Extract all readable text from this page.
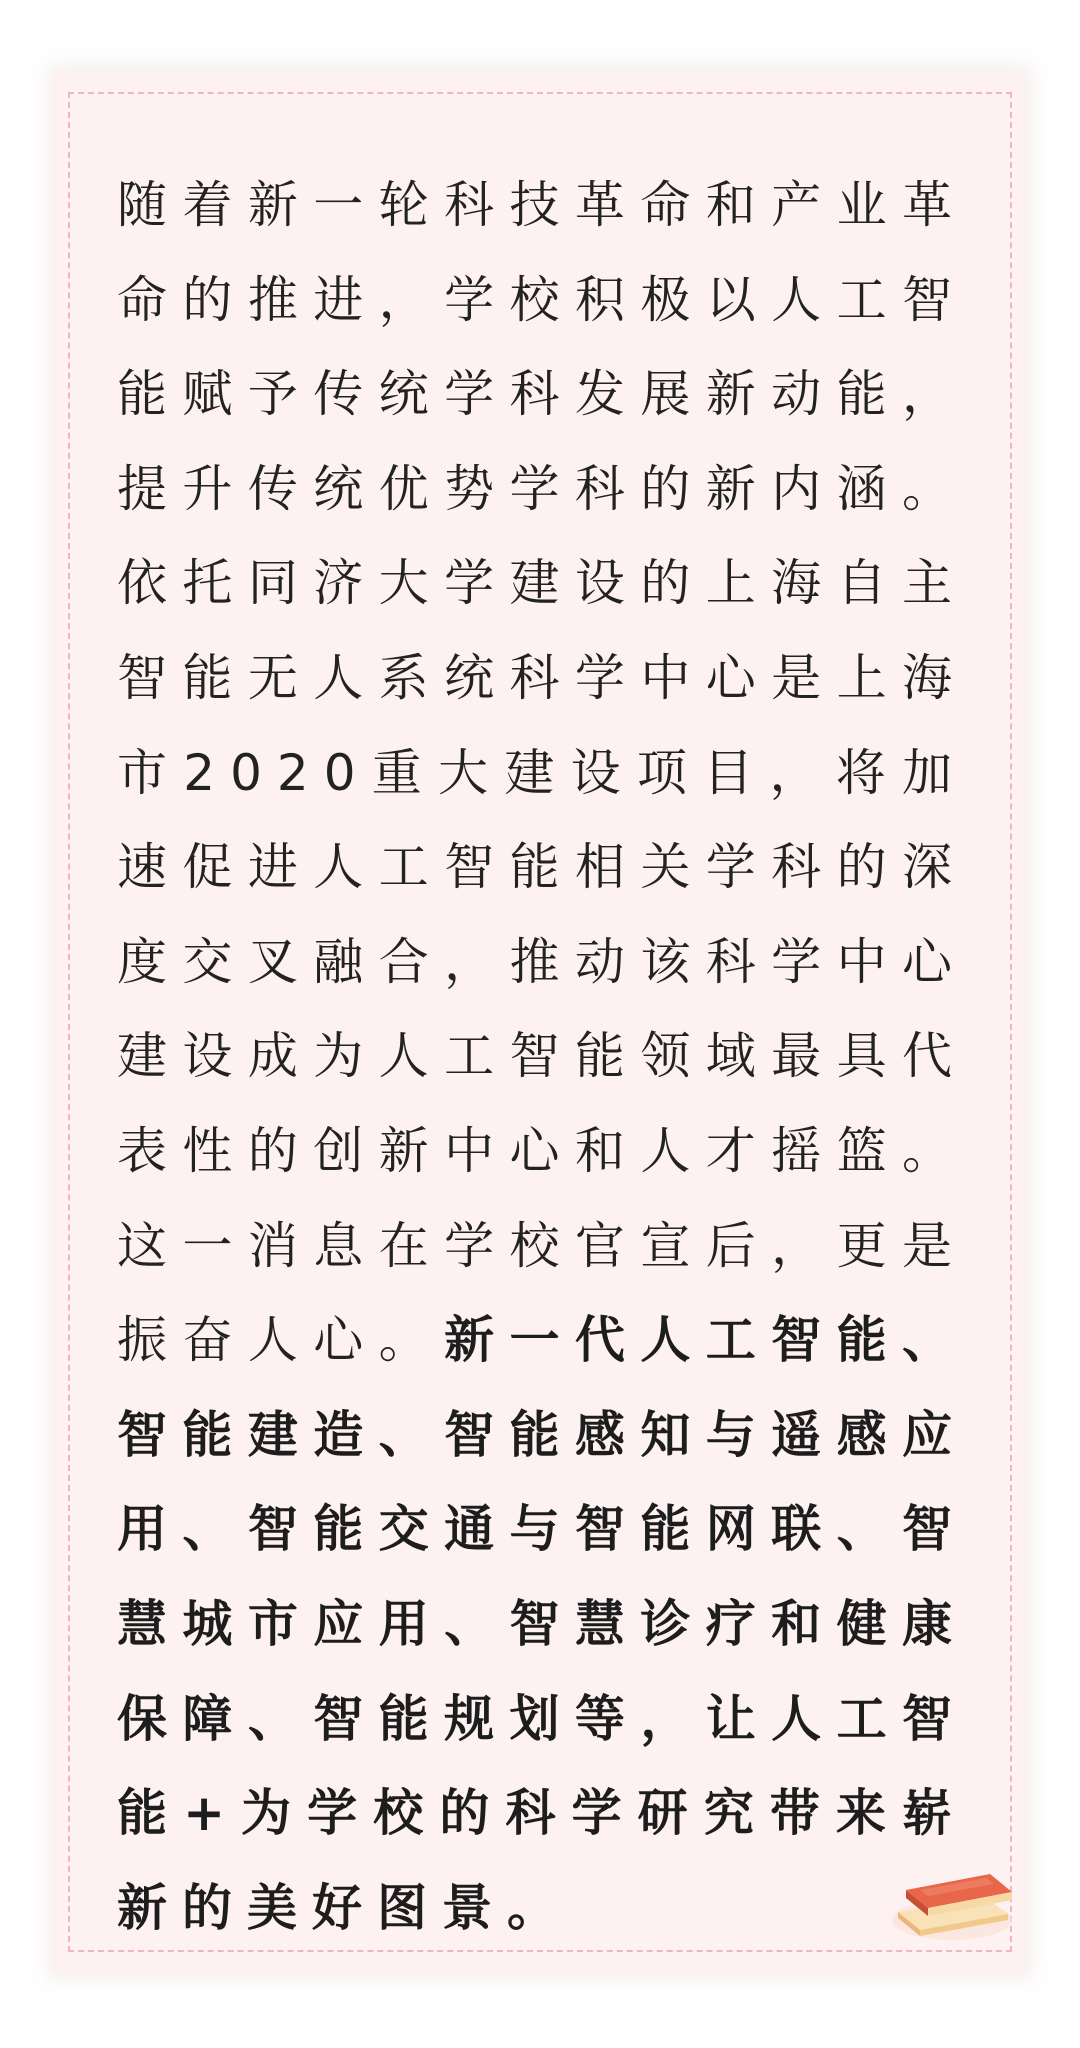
随着新一轮科技革命和产业革命的推进，学校积极以人工智能赋予传统学科发展新动能，提升传统优势学科的新内涵。依托同济大学建设的上海自主智能无人系统科学中心是上海市2020重大建设项目，将加速促进人工智能相关学科的深度交叉融合，推动该科学中心建设成为人工智能领域最具代表性的创新中心和人才摇篮。这一消息在学校官宣后，更是振奋人心。新一代人工智能、智能建造、智能感知与遥感应用、智能交通与智能网联、智慧城市应用、智慧诊疗和健康保障、智能规划等，让人工智能+为学校的科学研究带来崭新的美好图景。
